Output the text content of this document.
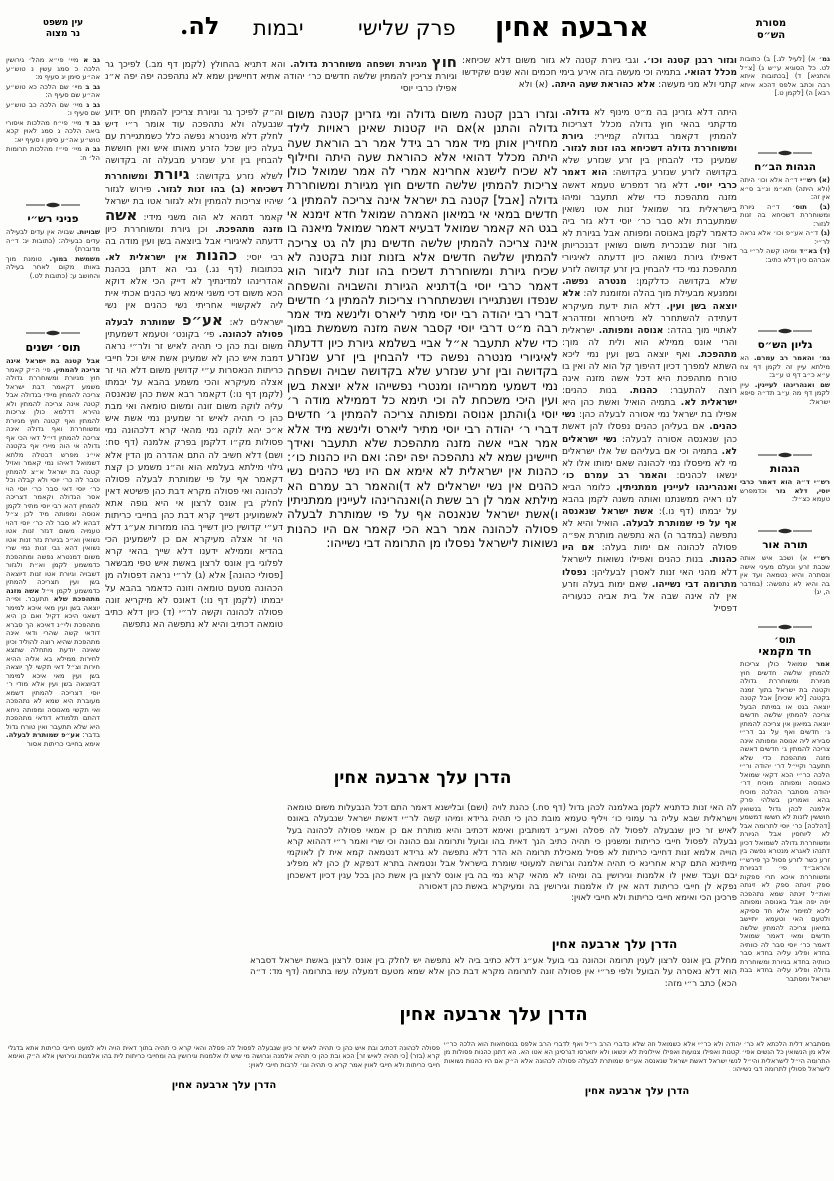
מסורת
הש״ס
ארבעה אחין
פרק שלישי
יבמות
לה.
עין משפט
נר מצוה
וגזור רבנן קטנה וכו׳. וגבי גיורת קטנה לא גזור משום דלא שכיחא: מכלל דהואי. בתמיה וכי מעשה בזה אירע בימי חכמים והא שנים שקידשו קתני ולא מני מעשה: אלא כהוראת שעה היתה. (א) ולא
חוץ מגיורת ושפחה משוחררת גדולה. והא דתניא בהחולץ (לקמן דף מב.) לפיכך גר וגיורת צריכין להמתין שלשה חדשים כר׳ יהודה אתיא דחיישינן שמא לא נתהפכה יפה יפה א״נ אפילו כרבי יוסי
וגזרו רבנן קטנה משום גדולה ומי גזרינן קטנה משום גדולה והתנן א)אם היו קטנות שאינן ראויות לילד מחזירין אותן מיד אמר רב גידל אמר רב הוראת שעה היתה מכלל דהואי אלא כהוראת שעה היתה וחילוף לא שכיח לישנא אחרינא אמרי לה אמר שמואל כולן צריכות להמתין שלשה חדשים חוץ מגיורת ומשוחררת גדולה [אבל] קטנה בת ישראל אינה צריכה להמתין ג׳ חדשים במאי אי במיאון האמרה שמואל חדא זימנא אי בגט הא קאמר שמואל דבעיא דאמר שמואל מיאנה בו אינה צריכה להמתין שלשה חדשים נתן לה גט צריכה להמתין שלשה חדשים אלא בזנות זנות בקטנה לא שכיח גיורת ומשוחררת דשכיח בהו זנות ליגזור הוא דאמר כרבי יוסי ב)דתניא הגיורת והשבויה והשפחה שנפדו ושנתגיירו ושנשתחררו צריכות להמתין ג׳ חדשים דברי רבי יהודה רבי יוסי מתיר ליארס ולינשא מיד אמר רבה מ״ט דרבי יוסי קסבר אשה מזנה משמשת במוך כדי שלא תתעבר א״ל אביי בשלמא גיורת כיון דדעתה לאיגיורי מנטרה נפשה כדי להבחין בין זרע שנזרע בקדושה ובין זרע שנזרע שלא בקדושה שבויה ושפחה נמי דשמעי ממרייהו ומנטרי נפשייהו אלא יוצאת בשן ועין היכי משכחת לה וכי תימא כל דממילא מודה ר׳ יוסי ג)והתנן אנוסה ומפותה צריכה להמתין ג׳ חדשים דברי ר׳ יהודה רבי יוסי מתיר ליארס ולינשא מיד אלא אמר אביי אשה מזנה מתהפכת שלא תתעבר ואידך חיישינן שמא לא נתהפכה יפה יפה: ואם היו כהנות כו׳: כהנות אין ישראלית לא אימא אם היו נשי כהנים נשי כהנים אין נשי ישראלים לא ד)והאמר רב עמרם הא מילתא אמר לן רב ששת ה)ואנהרינהו לעיינין ממתניתין ו)אשת ישראל שנאנסה אף על פי שמותרת לבעלה פסולה לכהונה אמר רבא הכי קאמר אם היו כהנות נשואות לישראל נפסלו מן התרומה דבי נשייהו:
הדרן עלך ארבעה אחין
היתה דלא גזרינן בה מ״ט מינוף לא גדולה. מדקתני בהאי חוץ גדולה מכלל דצריכות להמתין דקאמר בגדולה קמיירי: גיורת ומשוחררת גדולה דשכיחא בהו זנות לגזור. שמעינן כדי להבחין בין זרע שנזרע שלא בקדושה לזרע שנזרע בקדושה: הוא דאמר כרבי יוסי. דלא גזר דמפרש טעמא דאשה מזנה מתהפכת כדי שלא תתעבר ומיהו בישראלית גזר שמואל זנות אטו נשואין שמתעברת ולא סבר כר׳ יוסי דלא גזר ביה כדאמר לקמן באנוסה ומפותה אבל בגיורת לא גזור זנות שבנכרית משום נשואין דבנכריותן דאפילו גיורת נשואה כיון דדעתה לאיגיורי מתהפכת נמי כדי להבחין בין זרע קדושה לזרע שלא בקדושה כדלקמן: מנטרה נפשה. וממנעא מבעילת מוך בהלה ומזומנת לה: אלא יוצאה בשן ועין. דלא הות ידעת מעיקרא דעתידה להשתחרר לא מיטרחא ומזדהרא לאתויי מוך בהדה: אנוסה ומפותה. ישראלית והרי אונס ממילא הוא ולית לה מוך: מתהפכת. ואף יוצאה בשן ועין נמי ליכא השתא למפרך דכיון דהיפוך קל הוא לה ואין בו טורח מתהפכת היא דכל אשה מזנה אינה רוצה להתעבר: כהנות. בנות כהנים: ישראלית לא. בתמיה הואיל ואשת כהן היא אפילו בת ישראל נמי אסורה לבעלה כהן: נשי כהנים. אם בעליהן כהנים נפסלו להן דאשת כהן שנאנסה אסורה לבעלה: נשי ישראלים לא. בתמיה וכי אם בעליהם של אלו ישראלים מי לא מיפסלו נמי לכהונה שאם ימותו אלו לא ינשאו לכהנים: והאמר רב עמרם כו׳ ואנהרינהו לעיינין ממתניתין. כלומר הביא לנו ראיה ממשנתנו ואותה משנה לקמן בהבא על יבמתו (דף נו.): אשת ישראל שנאנסה אף על פי שמותרת לבעלה. הואיל והיא לא נתפשה (במדבר ה) הא נתפשה מותרת אפ״ה פסולה לכהונה אם ימות בעלה: אם היו כהנות. בנות כהנים ואפילו נשואות לישראל דלא מהני האי זנות לאסרן לבעליהן: נפסלו מתרומה דבי נשייהו. שאם ימות בעלה וזרע אין לה אינה שבה אל בית אביה כנעוריה דפסיל
לה האי זנות כדתניא לקמן באלמנה לכהן גדול (דף סח.) כהנת לויה וישראלית שבא עליה גר עמוני כו׳ ויליף טעמא מובת כהן כי תהיה לאיש זר כיון שנבעלה לפסול לה פסלה ואע״ג דמותבינן ואימא נבעלה לפסול חייבי כריתות ומשנינן כי תהיה כתיב הנך דאית בהו הוייה אלמא זנות דחייבי כריתות לא פסיל מאכילת תרומה הא הדר מייתינא התם קרא אחרינא כי תהיה אלמנה וגרושה למעוטי שומרת יבם ועבד שאין לו אלמנות וגירושין בה ומיהו לא מהאי קרא נמי נפקא לן חייבי כריתות דהא אין לו אלמנות וגירושין בה ומעיקרא פרכינן הכי ואימא חייבי כריתות ולא חייבי לאוין:
הדרן עלך ארבעה אחין
וה״ק לפיכך גר וגיורת צריכין להמתין חס ידוע שנבעלה ולא נתהפכה עוד אומר ר״י דיש לחלק דלא מינטרא נפשה כלל כשמתגיירת עם בעלה כיון שכל הזרע מאותו איש ואין חוששת להבחין בין זרע שנזרע מבעלה זה בקדושה לשלא נזרע בקדושה: גיורת ומשוחררת דשכיחא (ב) בהו זנות לגזור. פירוש לגזור שיהיו צריכות להמתין ולא לגזור אטו בת ישראל קאמר דמהא לא הוה משני מידי: אשה מזנה מתהפכת. וכן גיורת ומשוחררת כיון דדעתה לאיגיורי אבל ביוצאה בשן ועין מודה בה רבי יוסי: כהנות אין ישראלית לא. בכתובות (דף נג.) גבי הא דתנן בכהנת אהדרינהו למדינתיך לא דייק הכי אלא דוקא הכא משום דכי משני אימא נשי כהנים אכתי אית ליה לאקשויי אחריתי נשי כהנים אין נשי ישראלים לא: אע״פ שמותרת לבעלה פסולה לכהונה. פי׳ בקונט׳ וטעמא דשמעתין משום ובת כהן כי תהיה לאיש זר ולר״י נראה דמבת איש כהן לא שמעינן אשת איש וכל חייבי כריתות הנאסרות ע״י קדושין משום דלא הוי זר אצלה מעיקרא והכי משמע בהבא על יבמתו (לקמן דף נו:) דקאמר רבא אשת כהן שנאנסה עליה לוקה משום זונה ומשום טומאה ואי מבת כהן כי תהיה לאיש זר שמעינן נמי אשת איש א״כ יהא לוקה נמי מהאי קרא דלכהונה נמי פסולות מק״ו דלקמן בפרק אלמנה (דף סח: ושם) דלא חשיב לה התם אהדרה מן הדין אלא גילוי מילתא בעלמא הוא וה״נ משמע כן קצת דקאמר אף על פי שמותרת לבעלה פסולה לכהונה ואי פסולה מקרא דבת כהן פשיטא דאין לחלק בין אונס לרצון אי היא גופה אתא לאשמועינן דשייך קרא דבת כהן בחייבי כריתות דע״י קדושין כיון דשייך בהו ממזרות אע״ג דלא הוי זר אצלה מעיקרא אם כן לישמעינן הכי בהדיא וממילא ידענו דלא שייך בהאי קרא לפלוגי בין אונס לרצון באשת איש טפי מבשאר [פסולי כהונה] אלא (ג) לר״י נראה דפסולה מן הכהונה מטעם טומאה וזונה כדאמר בהבא על יבמתו (לקמן דף נו:) דאונס לא מיקריא זונה פסולה לכהונה וקשה לר״י (ד) כיון דלא כתיב טומאה דכתיב והיא לא נתפשה הא נתפשה
(ושם) ובלישנא דאמר התם דכל הנבעלות משום טומאה גרידא ומיהו קשה לר״י דאשת ישראל שנבעלה באונס דכתיב והיא מותרת אם כן אמאי פסולה לכהונה בעל ובועל ותרומה וגם כהונה וכי שרי ואמר ר״י דההוא קרא דלא נתפשה לא גרידא דנטמאה קמא אית לן לאוקמי בישראל אבל ונטמאה בתרא דנפקא לן כהן לא מפליג בה בין אונס לרצון בין אשת כהן בכל ענין דכיון דאשכחן באשת כהן דאסורה
מחלק בין אונס לרצון לענין תרומה וכהונה גבי בועל אע״ג דלא כתיב ביה לא נתפשה יש לחלק בין אונס לרצון באשת ישראל דסברא הוא דלא נאסרה על הבועל ולפי פר״י אין פסולה זונה לתרומה מקרא דבת כהן אלא שמא מטעם דמעלה עשו בתרומה (דף מד: ד״ה הכא) כתב ר״י מזה:
הדרן עלך ארבעה אחין
גמ׳ א) [לעיל לג.] ב) כתובות לט. כל הסוגיא ע״ש ג) [צ״ל והתניא] ד) [בכתובות איתא רבה וכתב אלפס דהכא איתא רבא] ה) [לקמן ט.]
הגהות הב״ח
(א) רש״י ד״ה אלא וכו׳ היתה (ולא היתה) תא״מ ונ״ב ס״א אין זה:
(ב) תוס׳ ד״ה גיורת ומשוחררת דשכיחא בה זנות לגזור:
(ג) ד״ה אע״פ וכו׳ אלא נראה לר״י:
(ד) בא״ד ומיהו קשה לר״י בר אברהם כיון דלא כתיב:
גליון הש״ס
גמ׳ והאמר רב עמרם. הא מילתא עיין זה לקמן דף צח ע״א כ״ב דף ט ע״ב:
שם ואנהרינהו לעיינין. עיין לקמן דף מה ע״ב תד״ה סיפא ישראל:
הגהות
רש״י ד״ה הוא דאמר כרבי יוסי, דלא גזר וכדמפרש טעמא כצ״ל:
תורה אור
רש״י א) ושכב איש אותה שכבת זרע ונעלם מעיני אישה ונסתרה והיא נטמאה ועד אין בה והיא לא נתפשה: (במדבר ה, יג)
תוס׳
חד מקמאי
אמר שמואל כולן צריכות להמתין שלשה חדשים חוץ מגיורת ומשוחררת גדולה וקטנה בת ישראל בתוך זמנה בקטנה [לא שכיח] אבל קטנה יוצאה בגט או במיתת הבעל צריכה להמתין שלשה חדשים יוצאה במיאון אין צריכה להמתין ג׳ חדשים ואף על גב דר״י סבירא ליה אנוסה ומפותה אינה צריכה להמתין ג׳ חדשים דאשה מזנה מתהפכת כדי שלא תתעבר וקיי״ל דר׳ יהודה ור״י הלכה כר״י הכא דקאי שמואל כאנוסה ומפותה מוכיח דר׳ יהודה מסתבר ההלכה מוכיח בהא ואמרינן בשלהי פרק אלמנה לכהן גדול בנשואין חוששין לזנות לא חששו דמשמע [דהלכה] כר׳ יוסי לתרומה אבל לא ליוחסין אבל הגיורת ומשוחררת גדולה לשמואל דכיון דתנהו לאגרא מנטרא נפשה בין זרע כשר לזרע פסול כך פירש״י והראב״ד פי׳ דבגיורת ומשוחררת איכא תרי ספקות ספק זינתה ספק לא זינתה ואת״ל זינתה שמא נתהפכה יפה יפה אבל באנוסה ומפותה ליכא למימר אלא חד ספיקא ולטעם האי וטעמא יתיישב במיאון צריכה להמתין שלשה חדשים ומאי דאמר שמואל דאמר כר׳ יוסי סבר לה כוותיה בחדא ופליג עליה בחדא סבר כוותיה בחדא בגיורת ומשוחררת גדולה ופליג עליה בחדא בבת ישראל ומסתבר
גב א מיי׳ פי״א מהל׳ גירושין הלכה כ סמג עשין נ טוש״ע אה״ע סימן יג סעיף מ:
גב ב מיי׳ שם הלכה כא טוש״ע אה״ע שם סעיף ה:
גב ג מיי׳ שם הלכה כב טוש״ע שם סעיף ו:
גב ד מיי׳ פי״ח מהלכות איסורי ביאה הלכה ג סמג לאוין קכא טוש״ע אה״ע סימן ו סעיף יא:
גב ה מיי׳ פי״ז מהלכות תרומות הל׳ ח:
פניני רש״י
שבויות. שבויה אין עדים לבעילה עדים כבעילה: (כתובות יג: ד״ה מדוברת)
משמשת במוך. טומנת מוך באותו מקום לאחר בעילה והחושב ע: (כתובות לט.)
תוס׳ ישנים
אבל קטנה בת ישראל אינה צריכה להמתין. פי׳ ה״ק קאמר חוץ מגיורת ומשוחררת גדולה משמע דקאמר דבת ישראל צריכה להמתין מיידי בגדולה אבל קטנה אינה צריכה להמתין ולא נהירא דדלמא כולן צריכות להמתין ואף קטנה חוץ מגיורת ומשוחררת ואף גדולה אינה צריכה להמתין די״ל דאי הכי אף גדולה אי הוה מיירי אף בקטנה אי״נ מפרש דבטלה מלתא דשמואל דאיהו נמי קאמר ואזיל קטנה בת ישראל א״צ להמתין וסבר לה כר׳ יוסי ולא קבלה וכל כר׳ יוסי דאי סבר כר׳ יוסי הוי אסר הגדולה וקאמר דצריכה להמתין דהא רבי יוסי מתיר לקמן אנוסה ומפותה מיד לכן צ״ל דבהא לא סבר לה כר׳ יוסי דהוי טעמיה משום דגזר זנות אטו נשואין וא״כ בגיורת גזר זנות אטו נשואין דהא גבי זנות נמי שרי משום דמנטרא נפשה ומתהפכת כדמשמע לקמן וא״ת ולגזור דשבויה וגיורת אטו זנות דיוצאה בשן ועין תצריכה להמתין כדמשמע לקמן וי״ל אשה מזנה מתהפכת שלא תתעבר. ופי׳ה יוצאה בשן ועין מאי איכא למימר דשאני היכא דקיל ואם כן היא מתהפכת ולי״נ דאיכא הך סברא דודאי קשה שהרי ודאי אינה מתהפכת שהיא רוצה להוליד וכיון שאינה יודעת מתחלה שתצא לחירות ממילא בא אליה ההיא חירות וצ״ל דאי תקשי לך יוצאה בשן ועין מאי איכא למימר דביוצאה בשן ועין אלא מודי ר׳ יוסי דצריכה להמתין דשמא מעוברת היא שמא לא נתהפכה ואי תקשי מאנוסה ומפותה ניחא דהתם תלמודא דודאי מתהפכת היא שלא תתעבר ואין טורח גדול בדבר: אע״פ שמותרת לבעלה. אימא בחייבי כריתות אסור
פסולה לכהונה דכתיב ובת איש כהן כי תהיה לאיש זר כיון שנבעלה לפסול לה פסלה והאי קרא כי תהיה בתוך דאית הויה ולא למעט חייבי כריתות אתא בדגלי קרא (בזר) [כי תהיה לאיש זר] הכא ובת כהן כי תהיה אלמנה וגרושה מי שיש לו אלמנות וגירושין בה ומחייבי כריתות לית בהו אלמנות וגירושין אלא ה״ק ואימא חייבי כריתות ולא חייבי לאוין אמר קרא כי תהיה וגו׳ לרבות חייבי לאוין:
הדרן עלך ארבעה אחין
מסתברא דלית הלכתא לא כר׳ יהודה ולא כר״י אלא כשמואל וזה שלא כדברי הרב ר״ל ואף לדברי הרב אלפס בנוסחאות הוא הלכה כר״י אלא מן הנשואין כל הנשים אפי׳ קטנות ואפילו צנועות ואפילו איילונית לא ינשאו ולא יתארסו דגרסינן הא אטו הא. הא דתנן כהנות פסולות מן התרומה הי״ל לישראלית והי״ל לנשי ישראל דאשת ישראל שנאנסה אע״פ שמותרת לבעלה פסולה לכהונה אלא ה״ק אם היו כהנות נשואות לישראל פסולין לתרומה דבי נשייהו:
הדרן עלך ארבעה אחין
